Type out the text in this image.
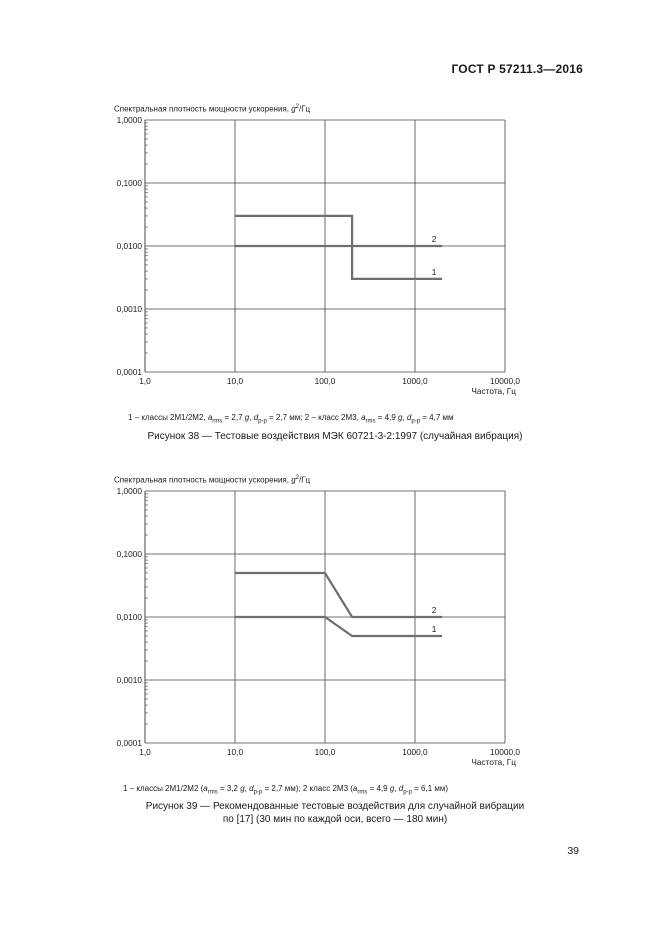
ГОСТ Р 57211.3—2016
Спектральная плотность мощности ускорения, $g^2/Гц$
0,0001
0,0010
0,0100
0,1000
1,0000
1,0	10,0	100,0	1000,0	10000,0
Частота, Гц
1
2
1 – классы 2M1/2M2, $a_{rms} = 2,7$ g, $d_{p-p} = 2,7$ мм; 2 – класс 2M3, $a_{rms} = 4,9$ g, $d_{p-p} = 4,7$ мм
Рисунок 38 — Тестовые воздействия МЭК 60721-3-2:1997 (случайная вибрация)
Спектральная плотность мощности ускорения, $g^2/Гц$
0,0001
0,0010
0,0100
0,1000
1,0000
1,0	10,0	100,0	1000,0	10000,0
Частота, Гц
1
2
1 – классы 2M1/2M2 ($a_{rms} = 3,2$ g, $d_{p-p} = 2,7$ мм); 2 класс 2M3 ($a_{rms} = 4,9$ g, $d_{p-p} = 6,1$ мм)
Рисунок 39 — Рекомендованные тестовые воздействия для случайной вибрации
по [17] (30 мин по каждой оси, всего — 180 мин)
39
